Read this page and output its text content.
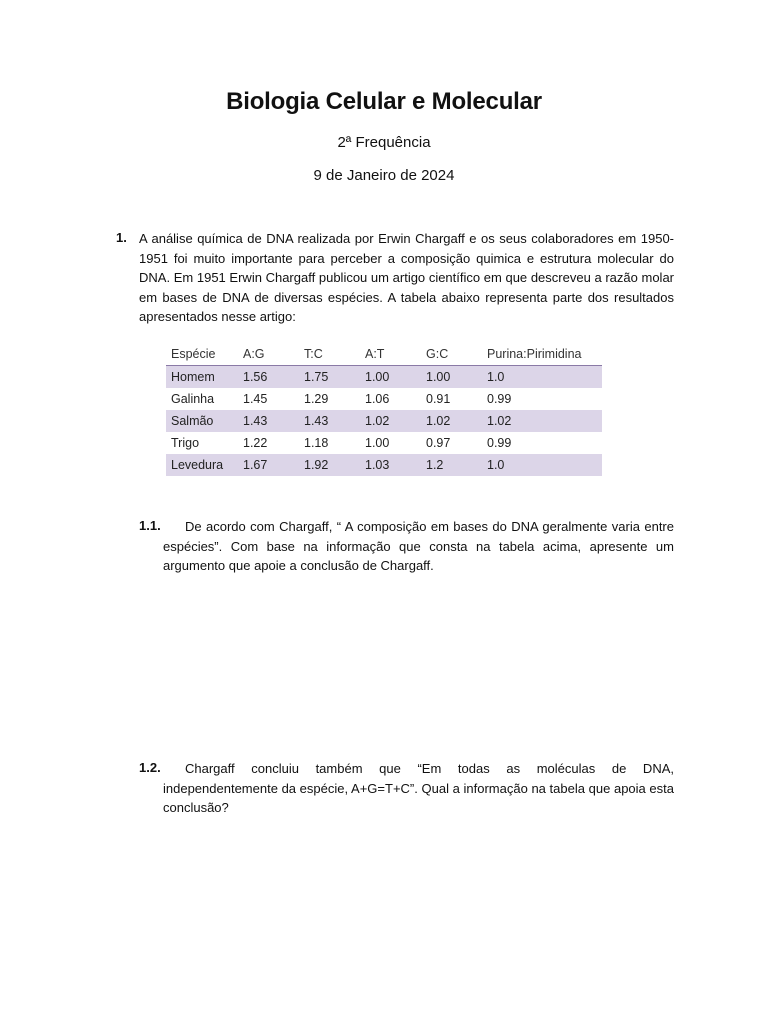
Biologia Celular e Molecular
2ª Frequência
9 de Janeiro de 2024
1. A análise química de DNA realizada por Erwin Chargaff e os seus colaboradores em 1950-1951 foi muito importante para perceber a composição quimica e estrutura molecular do DNA. Em 1951 Erwin Chargaff publicou um artigo científico em que descreveu a razão molar em bases de DNA de diversas espécies. A tabela abaixo representa parte dos resultados apresentados nesse artigo:
Espécie	A:G	T:C	A:T	G:C	Purina:Pirimidina
Homem	1.56	1.75	1.00	1.00	1.0
Galinha	1.45	1.29	1.06	0.91	0.99
Salmão	1.43	1.43	1.02	1.02	1.02
Trigo	1.22	1.18	1.00	0.97	0.99
Levedura	1.67	1.92	1.03	1.2	1.0
1.1.	De acordo com Chargaff, “ A composição em bases do DNA geralmente varia entre espécies”. Com base na informação que consta na tabela acima, apresente um argumento que apoie a conclusão de Chargaff.
1.2.	Chargaff concluiu também que “Em todas as moléculas de DNA, independentemente da espécie, A+G=T+C”. Qual a informação na tabela que apoia esta conclusão?
